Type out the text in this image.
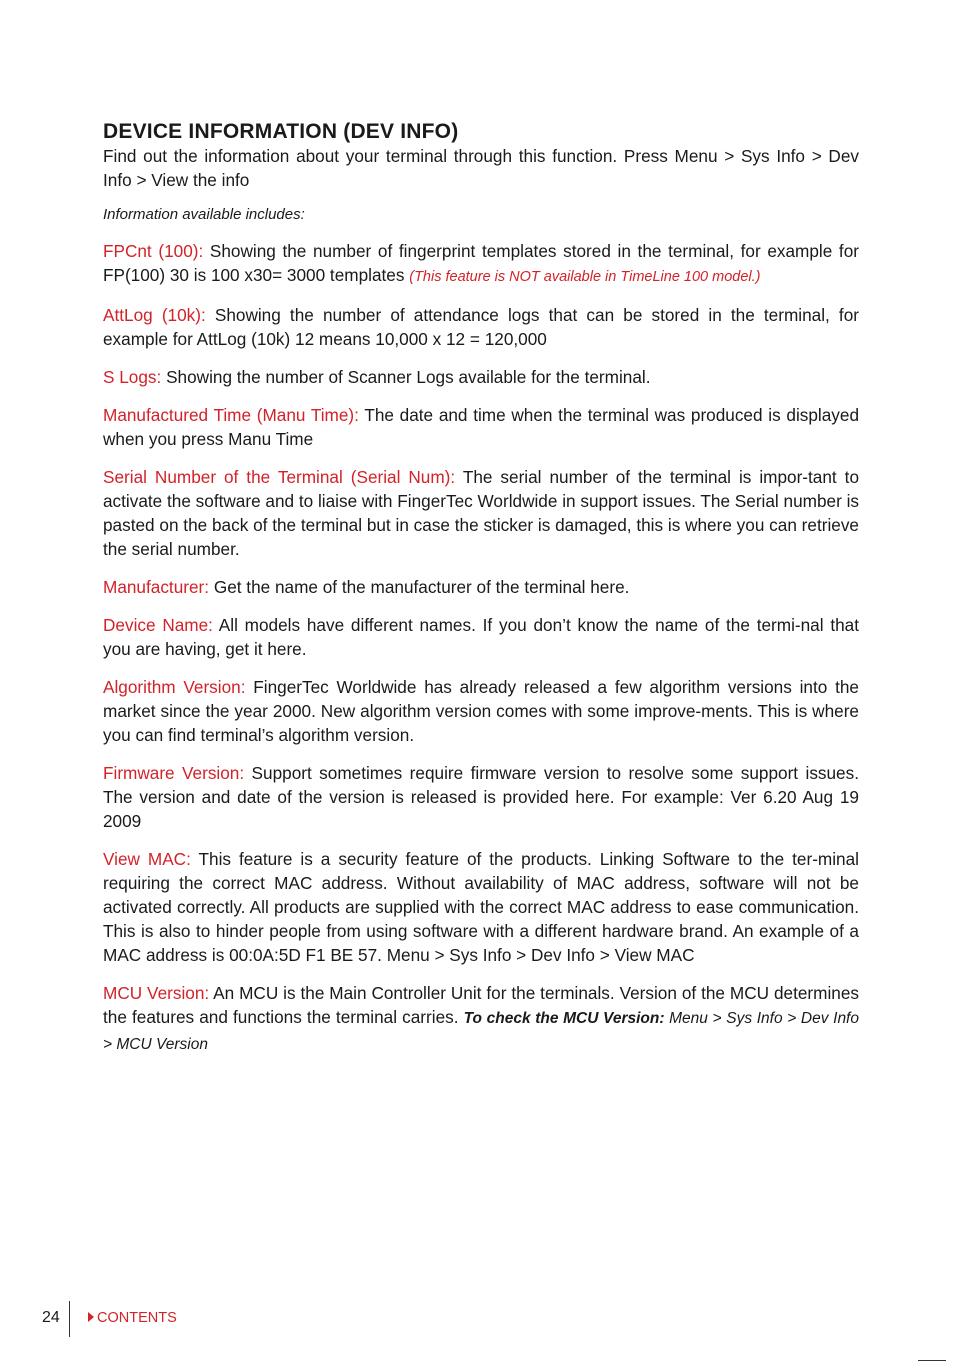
DEVICE INFORMATION (DEV INFO)

Find out the information about your terminal through this function. Press Menu > Sys Info > Dev Info > View the info

Information available includes:

FPCnt (100): Showing the number of fingerprint templates stored in the terminal, for example for FP(100) 30 is 100 x30= 3000 templates (This feature is NOT available in TimeLine 100 model.)

AttLog (10k): Showing the number of attendance logs that can be stored in the terminal, for example for AttLog (10k) 12 means 10,000 x 12 = 120,000

S Logs: Showing the number of Scanner Logs available for the terminal.

Manufactured Time (Manu Time): The date and time when the terminal was produced is displayed when you press Manu Time

Serial Number of the Terminal (Serial Num): The serial number of the terminal is impor-tant to activate the software and to liaise with FingerTec Worldwide in support issues. The Serial number is pasted on the back of the terminal but in case the sticker is damaged, this is where you can retrieve the serial number.

Manufacturer: Get the name of the manufacturer of the terminal here.

Device Name: All models have different names. If you don’t know the name of the termi-nal that you are having, get it here.

Algorithm Version: FingerTec Worldwide has already released a few algorithm versions into the market since the year 2000. New algorithm version comes with some improve-ments. This is where you can find terminal’s algorithm version.

Firmware Version: Support sometimes require firmware version to resolve some support issues. The version and date of the version is released is provided here. For example: Ver 6.20 Aug 19 2009

View MAC: This feature is a security feature of the products. Linking Software to the ter-minal requiring the correct MAC address. Without availability of MAC address, software will not be activated correctly. All products are supplied with the correct MAC address to ease communication. This is also to hinder people from using software with a different hardware brand. An example of a MAC address is 00:0A:5D F1 BE 57. Menu > Sys Info > Dev Info > View MAC

MCU Version: An MCU is the Main Controller Unit for the terminals. Version of the MCU determines the features and functions the terminal carries. To check the MCU Version: Menu > Sys Info > Dev Info > MCU Version

24	CONTENTS
